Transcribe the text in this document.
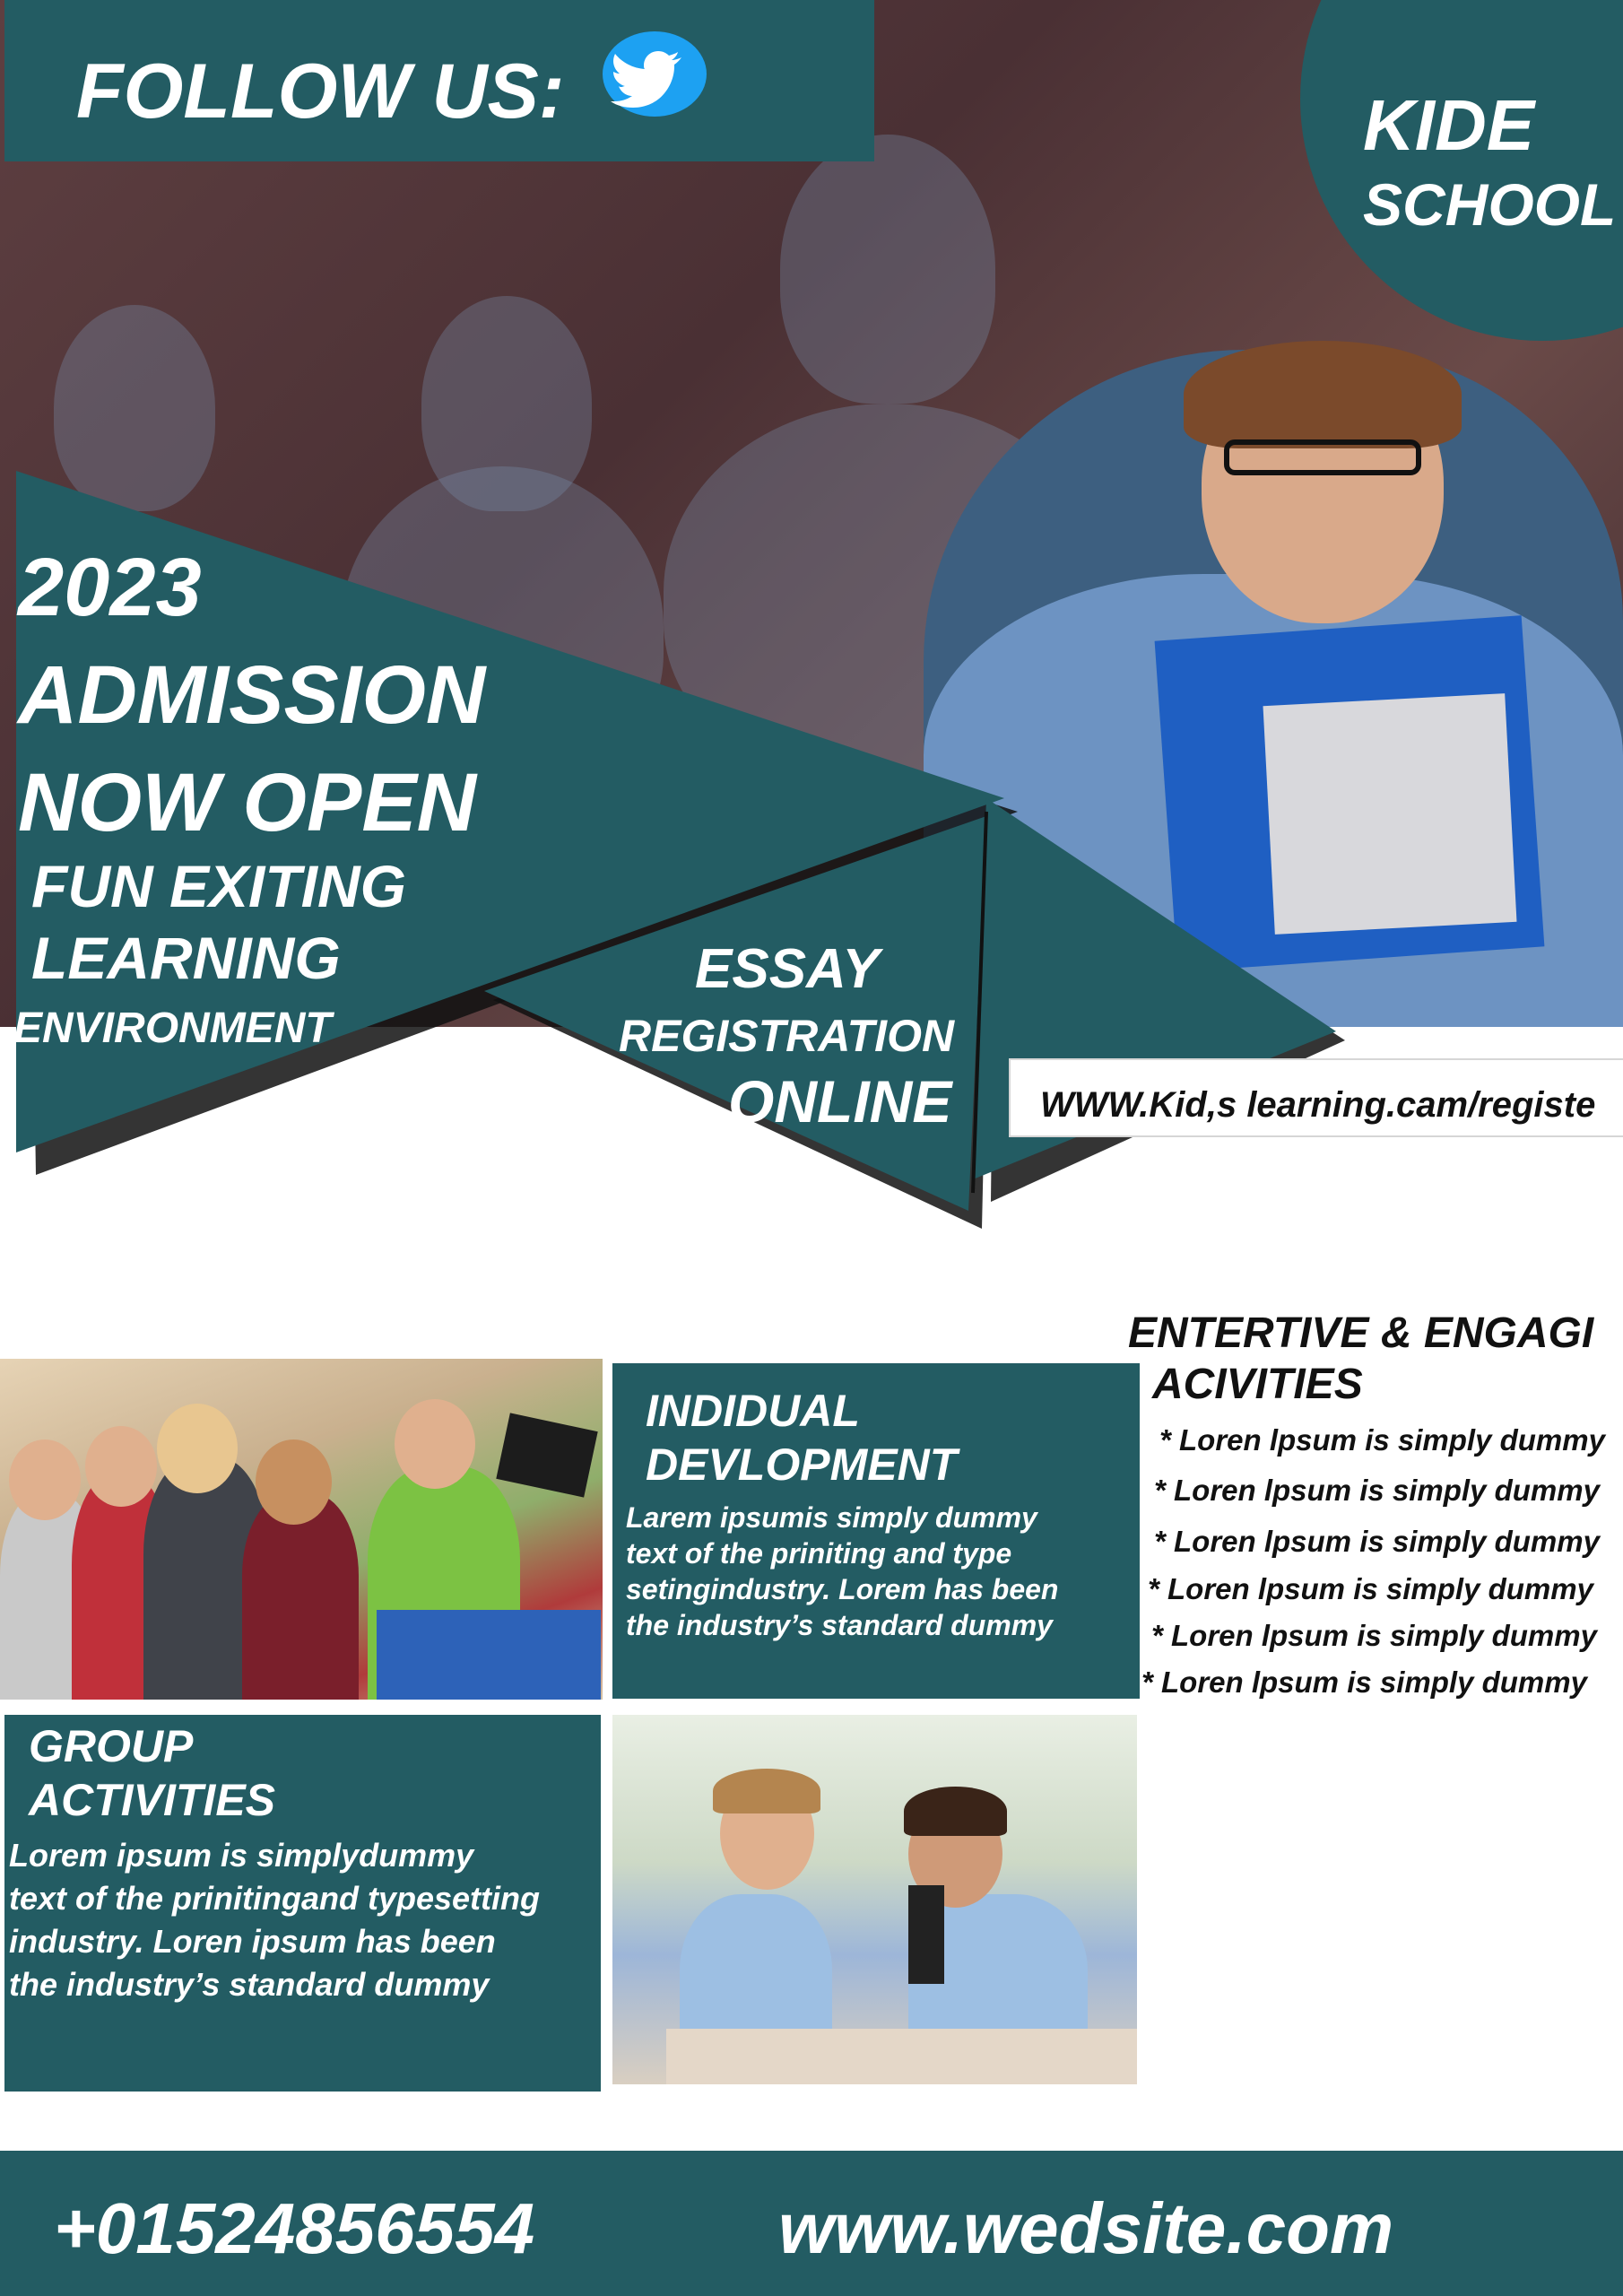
FOLLOW US:	KIDE
SCHOOL
2023
ADMISSION
NOW OPEN
FUN EXITING
LEARNING
ENVIRONMENT
ESSAY
REGISTRATION
ONLINE WWW.Kid,s learning.cam/registe
ENTERTIVE & ENGAGI
ACIVITIES
* Loren lpsum is simply dummy
* Loren lpsum is simply dummy
* Loren lpsum is simply dummy
* Loren lpsum is simply dummy
* Loren lpsum is simply dummy
* Loren lpsum is simply dummy
INDIDUAL
DEVLOPMENT
Larem ipsumis simply dummy
text of the priniting and type
setingindustry. Lorem has been
the industry’s standard dummy
GROUP
ACTIVITIES
Lorem ipsum is simplydummy
text of the prinitingand typesetting
industry. Loren ipsum has been
the industry’s standard dummy
+01524856554	www.wedsite.com
